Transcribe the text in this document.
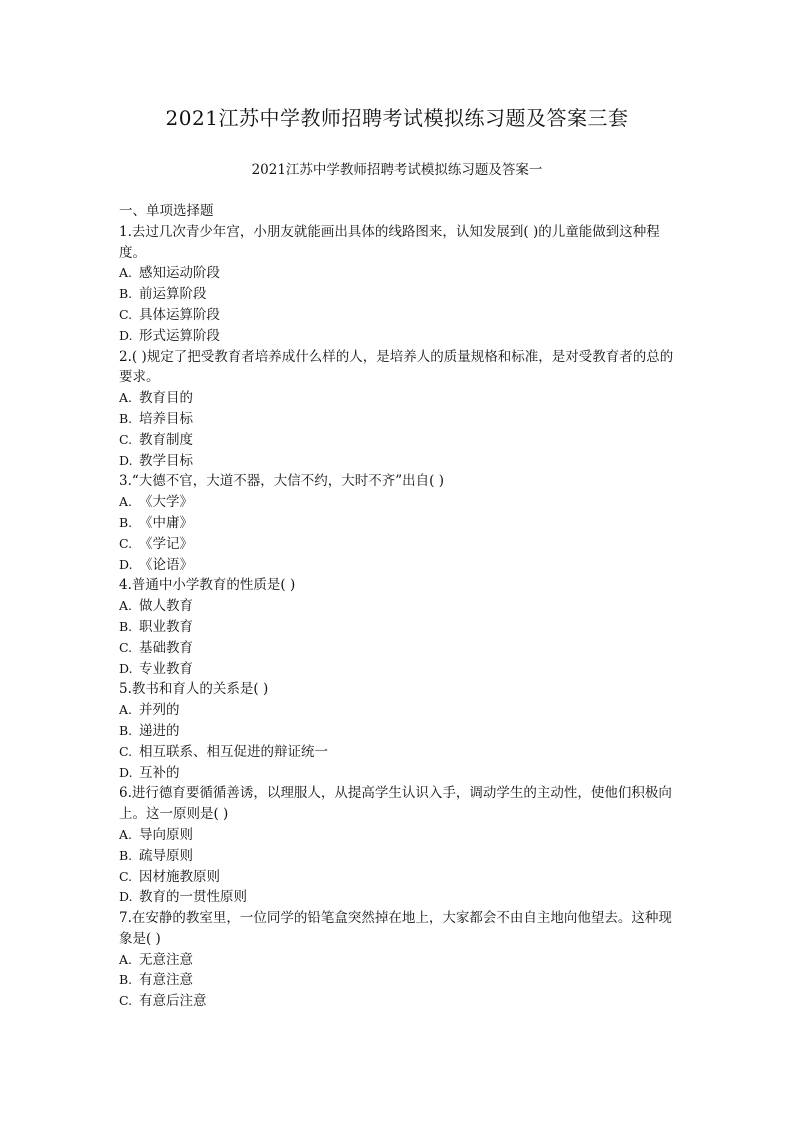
2021江苏中学教师招聘考试模拟练习题及答案三套
2021江苏中学教师招聘考试模拟练习题及答案一
一、单项选择题
1.去过几次青少年宫，小朋友就能画出具体的线路图来，认知发展到( )的儿童能做到这种程度。
A. 感知运动阶段
B. 前运算阶段
C. 具体运算阶段
D. 形式运算阶段
2.( )规定了把受教育者培养成什么样的人，是培养人的质量规格和标准，是对受教育者的总的要求。
A. 教育目的
B. 培养目标
C. 教育制度
D. 教学目标
3.“大德不官，大道不器，大信不约，大时不齐”出自( )
A. 《大学》
B. 《中庸》
C. 《学记》
D. 《论语》
4.普通中小学教育的性质是( )
A. 做人教育
B. 职业教育
C. 基础教育
D. 专业教育
5.教书和育人的关系是( )
A. 并列的
B. 递进的
C. 相互联系、相互促进的辩证统一
D. 互补的
6.进行德育要循循善诱，以理服人，从提高学生认识入手，调动学生的主动性，使他们积极向上。这一原则是( )
A. 导向原则
B. 疏导原则
C. 因材施教原则
D. 教育的一贯性原则
7.在安静的教室里，一位同学的铅笔盒突然掉在地上，大家都会不由自主地向他望去。这种现象是( )
A. 无意注意
B. 有意注意
C. 有意后注意
